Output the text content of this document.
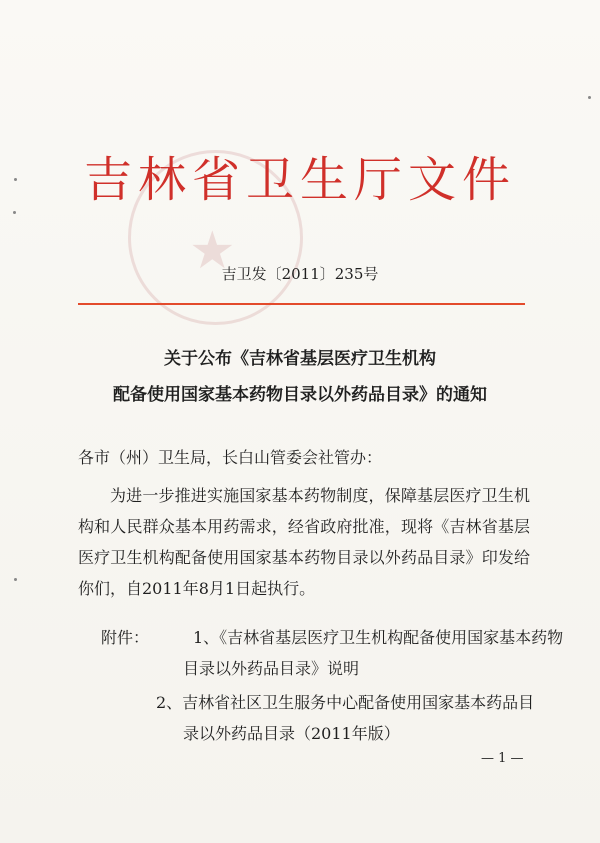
★
吉林省卫生厅文件
吉卫发〔2011〕235号
关于公布《吉林省基层医疗卫生机构
配备使用国家基本药物目录以外药品目录》的通知
各市（州）卫生局，长白山管委会社管办：
为进一步推进实施国家基本药物制度，保障基层医疗卫生机构和人民群众基本用药需求，经省政府批准，现将《吉林省基层医疗卫生机构配备使用国家基本药物目录以外药品目录》印发给你们，自2011年8月1日起执行。
附件：	1、《吉林省基层医疗卫生机构配备使用国家基本药物
目录以外药品目录》说明
2、吉林省社区卫生服务中心配备使用国家基本药品目
录以外药品目录（2011年版）
— 1 —
